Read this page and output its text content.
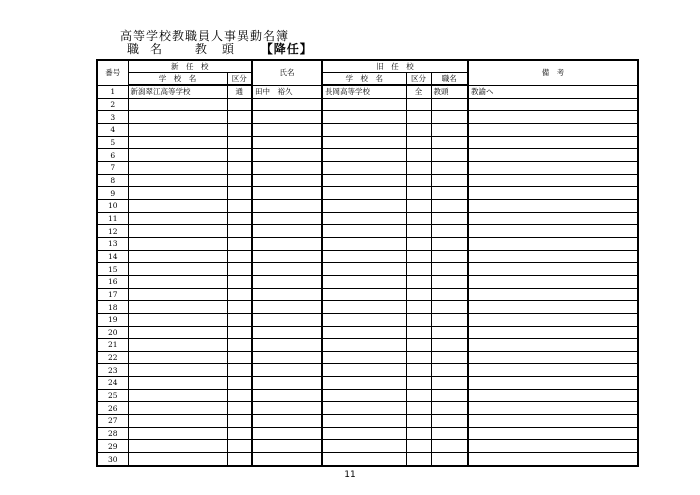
高等学校教職員人事異動名簿
職名 教頭 【降任】
番号	新　任　校		氏名	旧　任　校			備　考
	学　校　名	区分		学　校　名	区分	職名	
1	新潟翠江高等学校	通	田中　裕久	長岡高等学校	全	教頭	教諭へ
2							
3							
4							
5							
6							
7							
8							
9							
10							
11							
12							
13							
14							
15							
16							
17							
18							
19							
20							
21							
22							
23							
24							
25							
26							
27							
28							
29							
30							
11
